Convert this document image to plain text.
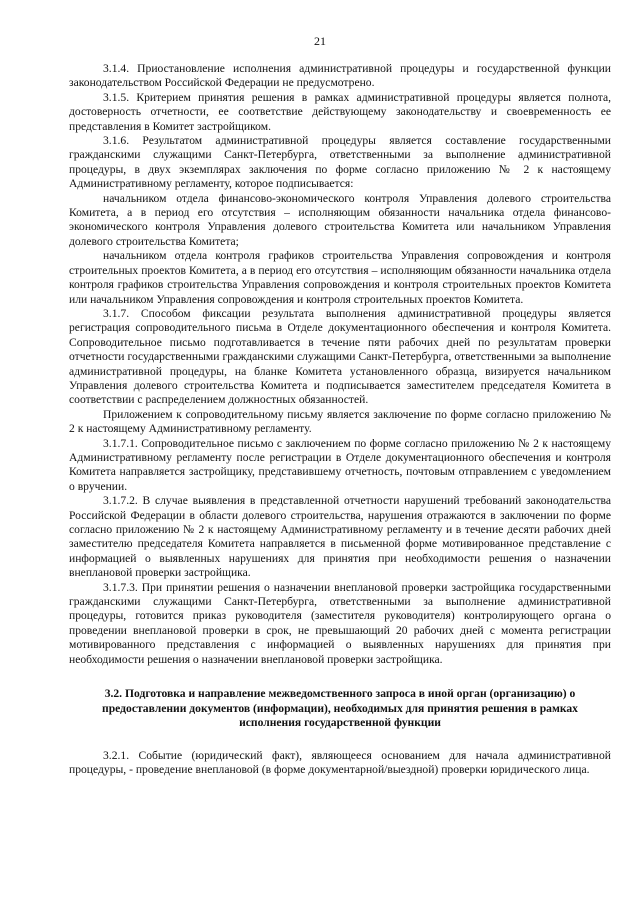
21

3.1.4. Приостановление исполнения административной процедуры и государственной функции законодательством Российской Федерации не предусмотрено.

3.1.5. Критерием принятия решения в рамках административной процедуры является полнота, достоверность отчетности, ее соответствие действующему законодательству и своевременность ее представления в Комитет застройщиком.

3.1.6. Результатом административной процедуры является составление государственными гражданскими служащими Санкт-Петербурга, ответственными за выполнение административной процедуры, в двух экземплярах заключения по форме согласно приложению № 2 к настоящему Административному регламенту, которое подписывается:

начальником отдела финансово-экономического контроля Управления долевого строительства Комитета, а в период его отсутствия – исполняющим обязанности начальника отдела финансово-экономического контроля Управления долевого строительства Комитета или начальником Управления долевого строительства Комитета;

начальником отдела контроля графиков строительства Управления сопровождения и контроля строительных проектов Комитета, а в период его отсутствия – исполняющим обязанности начальника отдела контроля графиков строительства Управления сопровождения и контроля строительных проектов Комитета или начальником Управления сопровождения и контроля строительных проектов Комитета.

3.1.7. Способом фиксации результата выполнения административной процедуры является регистрация сопроводительного письма в Отделе документационного обеспечения и контроля Комитета. Сопроводительное письмо подготавливается в течение пяти рабочих дней по результатам проверки отчетности государственными гражданскими служащими Санкт-Петербурга, ответственными за выполнение административной процедуры, на бланке Комитета установленного образца, визируется начальником Управления долевого строительства Комитета и подписывается заместителем председателя Комитета в соответствии с распределением должностных обязанностей.

Приложением к сопроводительному письму является заключение по форме согласно приложению № 2 к настоящему Административному регламенту.

3.1.7.1. Сопроводительное письмо с заключением по форме согласно приложению № 2 к настоящему Административному регламенту после регистрации в Отделе документационного обеспечения и контроля Комитета направляется застройщику, представившему отчетность, почтовым отправлением с уведомлением о вручении.

3.1.7.2. В случае выявления в представленной отчетности нарушений требований законодательства Российской Федерации в области долевого строительства, нарушения отражаются в заключении по форме согласно приложению № 2 к настоящему Административному регламенту и в течение десяти рабочих дней заместителю председателя Комитета направляется в письменной форме мотивированное представление с информацией о выявленных нарушениях для принятия при необходимости решения о назначении внеплановой проверки застройщика.

3.1.7.3. При принятии решения о назначении внеплановой проверки застройщика государственными гражданскими служащими Санкт-Петербурга, ответственными за выполнение административной процедуры, готовится приказ руководителя (заместителя руководителя) контролирующего органа о проведении внеплановой проверки в срок, не превышающий 20 рабочих дней с момента регистрации мотивированного представления с информацией о выявленных нарушениях для принятия при необходимости решения о назначении внеплановой проверки застройщика.

3.2. Подготовка и направление межведомственного запроса в иной орган (организацию) о предоставлении документов (информации), необходимых для принятия решения в рамках исполнения государственной функции

3.2.1. Событие (юридический факт), являющееся основанием для начала административной процедуры, - проведение внеплановой (в форме документарной/выездной) проверки юридического лица.
